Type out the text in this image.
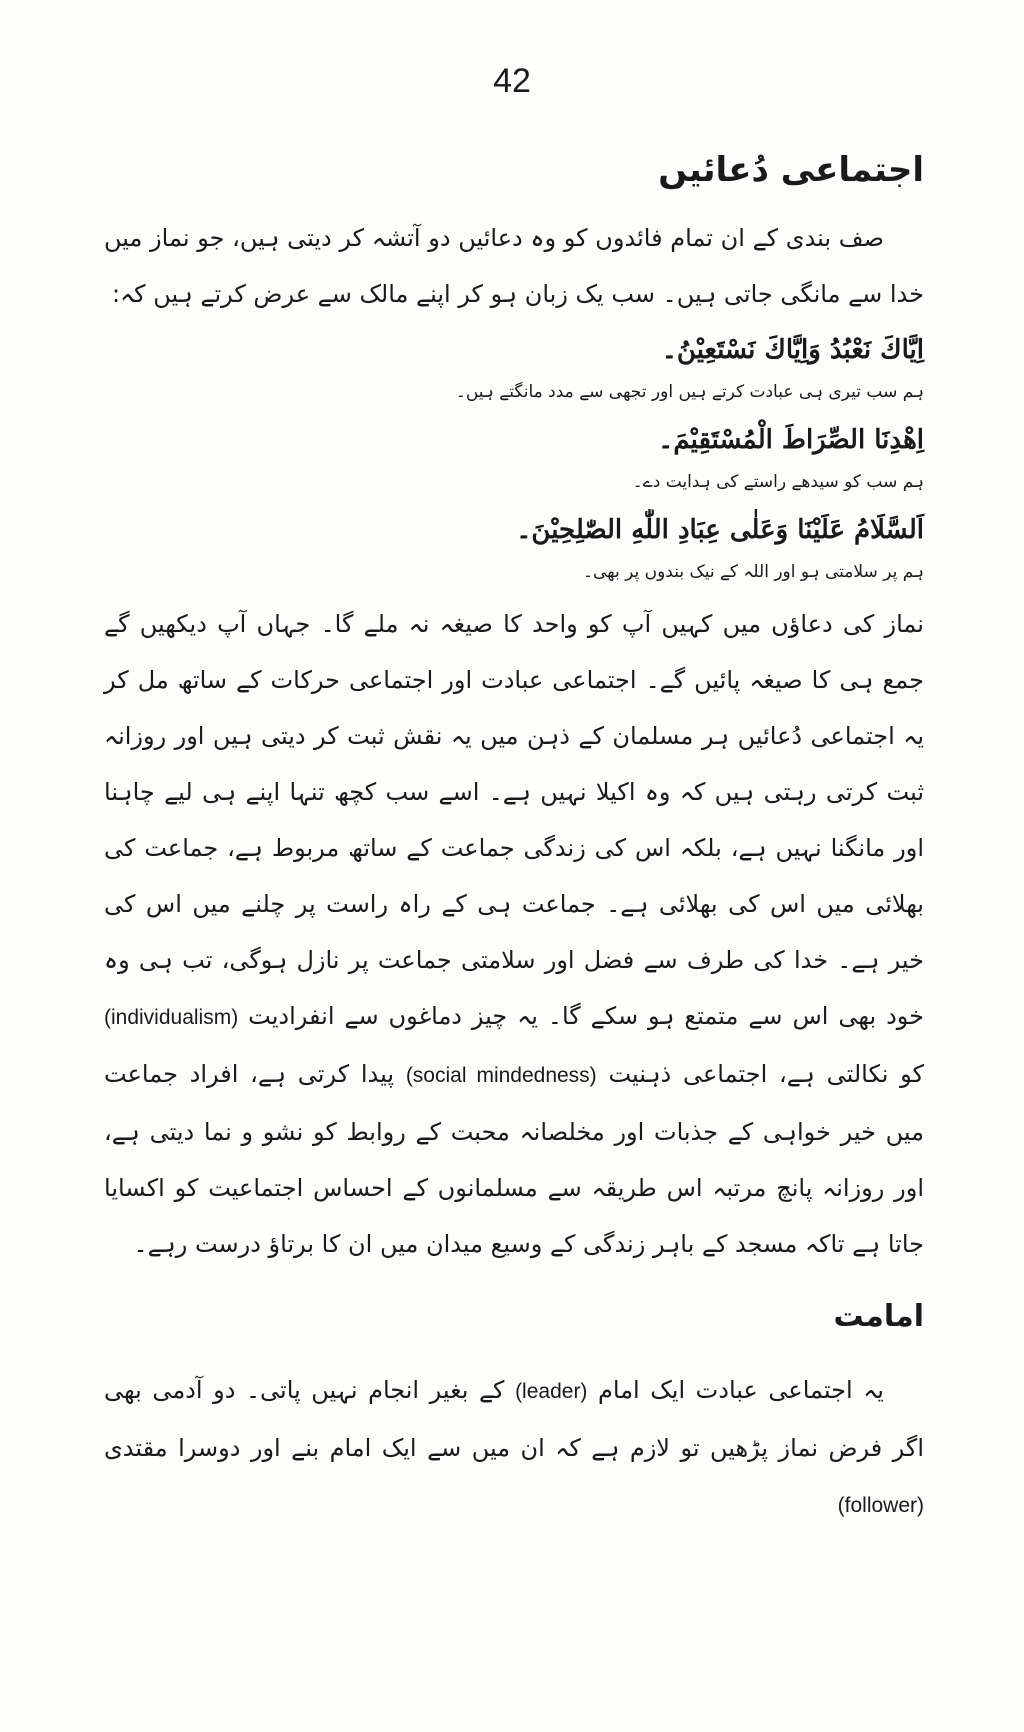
42
اجتماعی دُعائیں

صف بندی کے ان تمام فائدوں کو وہ دعائیں دو آتشہ کر دیتی ہیں، جو نماز میں خدا سے مانگی جاتی ہیں۔ سب یک زبان ہو کر اپنے مالک سے عرض کرتے ہیں کہ:

اِيَّاكَ نَعْبُدُ وَاِيَّاكَ نَسْتَعِيْنُ۔

ہم سب تیری ہی عبادت کرتے ہیں اور تجھی سے مدد مانگتے ہیں۔

اِهْدِنَا الصِّرَاطَ الْمُسْتَقِيْمَ۔

ہم سب کو سیدھے راستے کی ہدایت دے۔

اَلسَّلَامُ عَلَيْنَا وَعَلٰى عِبَادِ اللّٰهِ الصّٰلِحِيْنَ۔

ہم پر سلامتی ہو اور اللہ کے نیک بندوں پر بھی۔

نماز کی دعاؤں میں کہیں آپ کو واحد کا صیغہ نہ ملے گا۔ جہاں آپ دیکھیں گے جمع ہی کا صیغہ پائیں گے۔ اجتماعی عبادت اور اجتماعی حرکات کے ساتھ مل کر یہ اجتماعی دُعائیں ہر مسلمان کے ذہن میں یہ نقش ثبت کر دیتی ہیں اور روزانہ ثبت کرتی رہتی ہیں کہ وہ اکیلا نہیں ہے۔ اسے سب کچھ تنہا اپنے ہی لیے چاہنا اور مانگنا نہیں ہے، بلکہ اس کی زندگی جماعت کے ساتھ مربوط ہے، جماعت کی بھلائی میں اس کی بھلائی ہے۔ جماعت ہی کے راہ راست پر چلنے میں اس کی خیر ہے۔ خدا کی طرف سے فضل اور سلامتی جماعت پر نازل ہوگی، تب ہی وہ خود بھی اس سے متمتع ہو سکے گا۔ یہ چیز دماغوں سے انفرادیت (individualism) کو نکالتی ہے، اجتماعی ذہنیت (social mindedness) پیدا کرتی ہے، افراد جماعت میں خیر خواہی کے جذبات اور مخلصانہ محبت کے روابط کو نشو و نما دیتی ہے، اور روزانہ پانچ مرتبہ اس طریقہ سے مسلمانوں کے احساس اجتماعیت کو اکسایا جاتا ہے تاکہ مسجد کے باہر زندگی کے وسیع میدان میں ان کا برتاؤ درست رہے۔

امامت

یہ اجتماعی عبادت ایک امام (leader) کے بغیر انجام نہیں پاتی۔ دو آدمی بھی اگر فرض نماز پڑھیں تو لازم ہے کہ ان میں سے ایک امام بنے اور دوسرا مقتدی (follower)
